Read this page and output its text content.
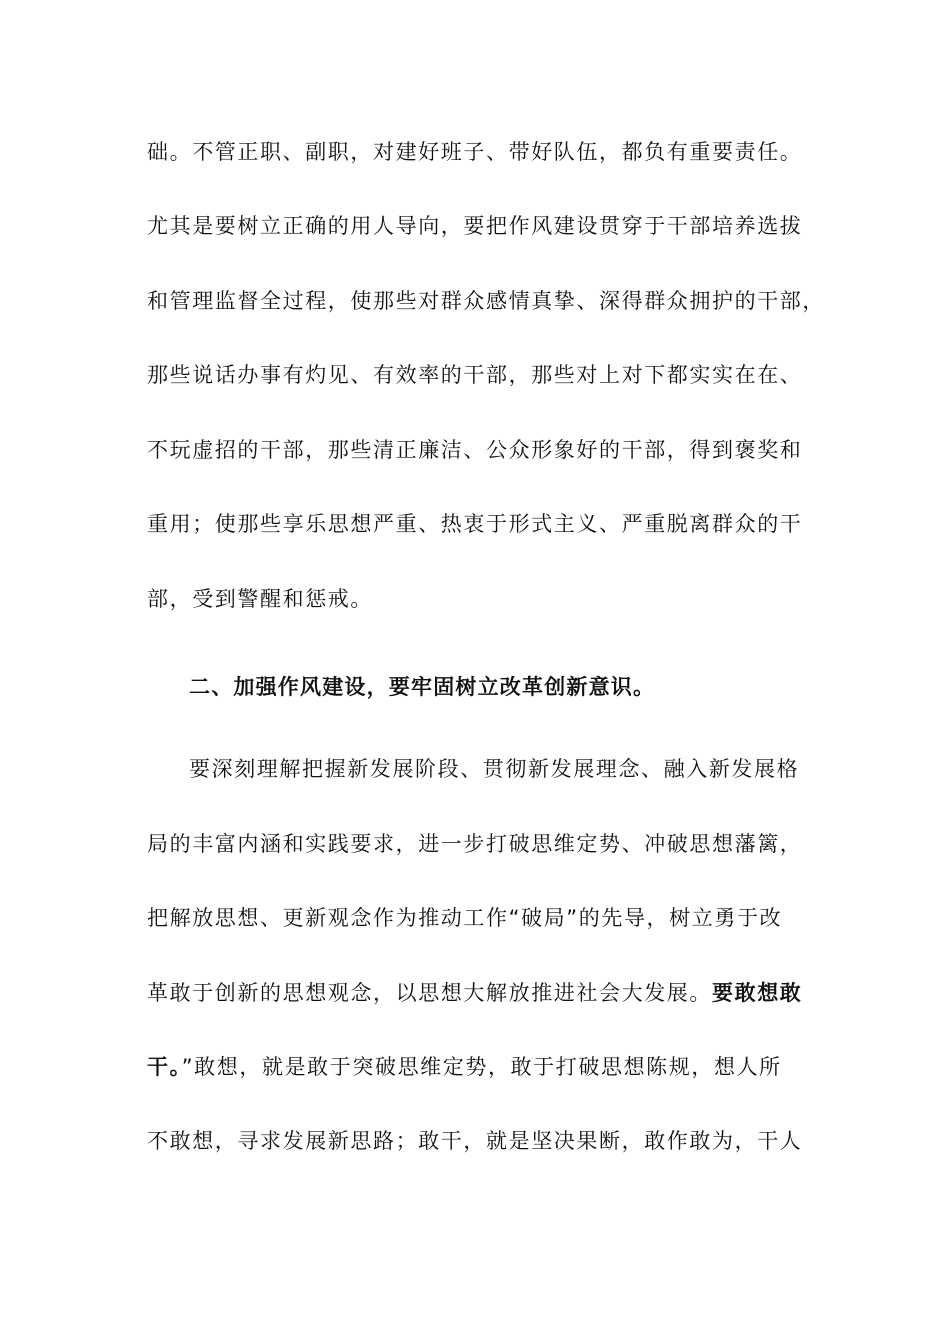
础。不管正职、副职，对建好班子、带好队伍，都负有重要责任。
尤其是要树立正确的用人导向，要把作风建设贯穿于干部培养选拔
和管理监督全过程，使那些对群众感情真挚、深得群众拥护的干部，
那些说话办事有灼见、有效率的干部，那些对上对下都实实在在、
不玩虚招的干部，那些清正廉洁、公众形象好的干部，得到褒奖和
重用；使那些享乐思想严重、热衷于形式主义、严重脱离群众的干
部，受到警醒和惩戒。
二、加强作风建设，要牢固树立改革创新意识。
要深刻理解把握新发展阶段、贯彻新发展理念、融入新发展格
局的丰富内涵和实践要求，进一步打破思维定势、冲破思想藩篱，
把解放思想、更新观念作为推动工作“破局”的先导，树立勇于改
革敢于创新的思想观念，以思想大解放推进社会大发展。要敢想敢
干。”敢想，就是敢于突破思维定势，敢于打破思想陈规，想人所
不敢想，寻求发展新思路；敢干，就是坚决果断，敢作敢为，干人
